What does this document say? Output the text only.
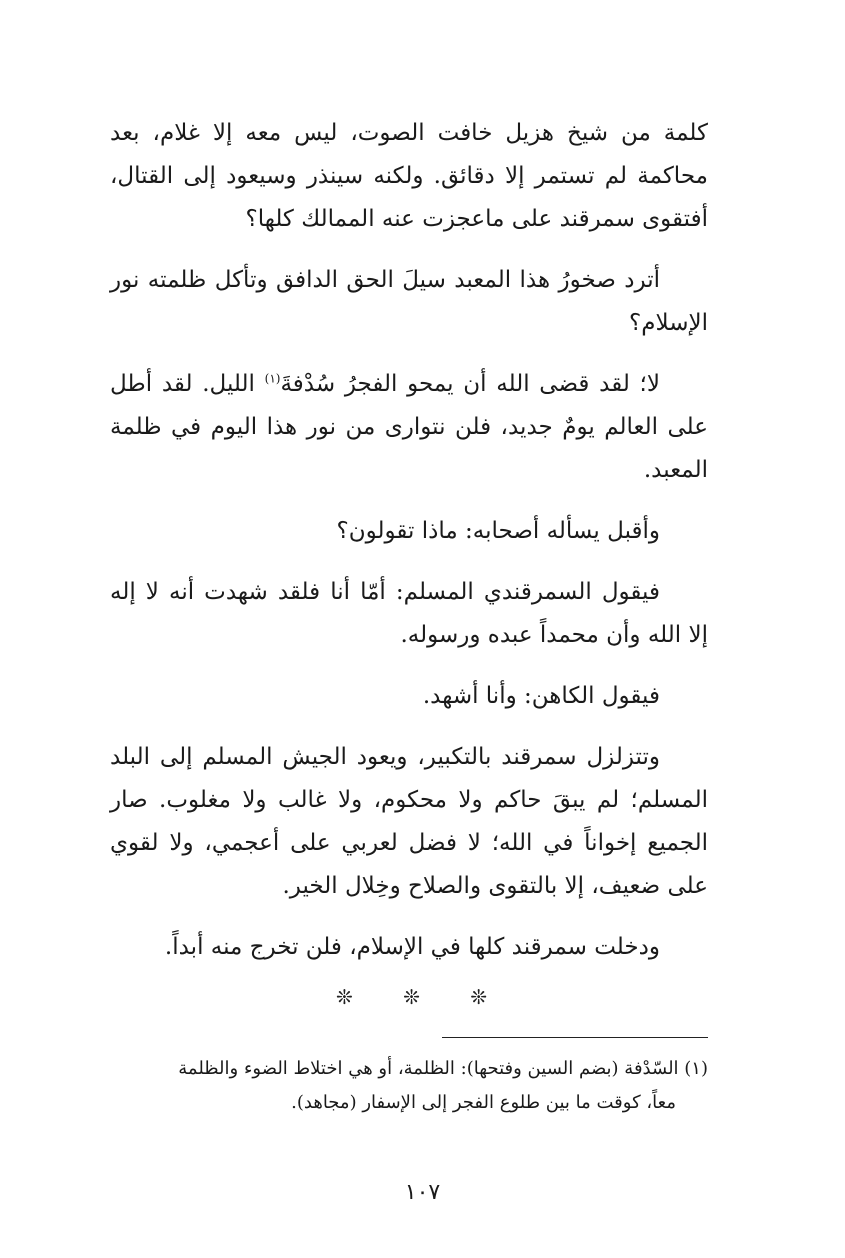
كلمة من شيخ هزيل خافت الصوت، ليس معه إلا غلام، بعد محاكمة لم تستمر إلا دقائق. ولكنه سينذر وسيعود إلى القتال، أفتقوى سمرقند على ماعجزت عنه الممالك كلها؟

أترد صخورُ هذا المعبد سيلَ الحق الدافق وتأكل ظلمته نور الإسلام؟

لا؛ لقد قضى الله أن يمحو الفجرُ سُدْفةَ$^{(١)}$ الليل. لقد أطل على العالم يومٌ جديد، فلن نتوارى من نور هذا اليوم في ظلمة المعبد.

وأقبل يسأله أصحابه: ماذا تقولون؟

فيقول السمرقندي المسلم: أمّا أنا فلقد شهدت أنه لا إله إلا الله وأن محمداً عبده ورسوله.

فيقول الكاهن: وأنا أشهد.

وتتزلزل سمرقند بالتكبير، ويعود الجيش المسلم إلى البلد المسلم؛ لم يبقَ حاكم ولا محكوم، ولا غالب ولا مغلوب. صار الجميع إخواناً في الله؛ لا فضل لعربي على أعجمي، ولا لقوي على ضعيف، إلا بالتقوى والصلاح وخِلال الخير.

ودخلت سمرقند كلها في الإسلام، فلن تخرج منه أبداً.

❊ ❊ ❊
(١) السّدْفة (بضم السين وفتحها): الظلمة، أو هي اختلاط الضوء والظلمة
معاً، كوقت ما بين طلوع الفجر إلى الإسفار (مجاهد).
١٠٧
